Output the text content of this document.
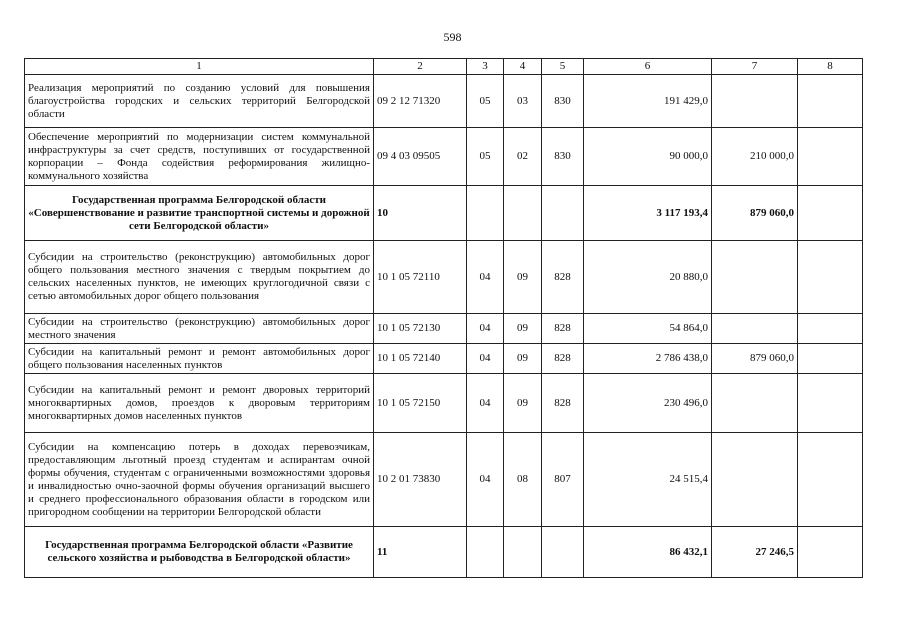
598
1	2	3	4	5	6	7	8
Реализация мероприятий по созданию условий для повышения благоустройства городских и сельских территорий Белгородской области	09 2 12 71320	05	03	830	191 429,0		
Обеспечение мероприятий по модернизации систем коммунальной инфраструктуры за счет средств, поступивших от государственной корпорации – Фонда содействия реформирования жилищно-коммунального хозяйства	09 4 03 09505	05	02	830	90 000,0	210 000,0	
Государственная программа Белгородской области «Совершенствование и развитие транспортной системы и дорожной сети Белгородской области»	10				3 117 193,4	879 060,0	
Субсидии на строительство (реконструкцию) автомобильных дорог общего пользования местного значения с твердым покрытием до сельских населенных пунктов, не имеющих круглогодичной связи с сетью автомобильных дорог общего пользования	10 1 05 72110	04	09	828	20 880,0		
Субсидии на строительство (реконструкцию) автомобильных дорог местного значения	10 1 05 72130	04	09	828	54 864,0		
Субсидии на капитальный ремонт и ремонт автомобильных дорог общего пользования населенных пунктов	10 1 05 72140	04	09	828	2 786 438,0	879 060,0	
Субсидии на капитальный ремонт и ремонт дворовых территорий многоквартирных домов, проездов к дворовым территориям многоквартирных домов населенных пунктов	10 1 05 72150	04	09	828	230 496,0		
Субсидии на компенсацию потерь в доходах перевозчикам, предоставляющим льготный проезд студентам и аспирантам очной формы обучения, студентам с ограниченными возможностями здоровья и инвалидностью очно-заочной формы обучения организаций высшего и среднего профессионального образования области в городском или пригородном сообщении на территории Белгородской области	10 2 01 73830	04	08	807	24 515,4		
Государственная программа Белгородской области «Развитие сельского хозяйства и рыбоводства в Белгородской области»	11				86 432,1	27 246,5	
